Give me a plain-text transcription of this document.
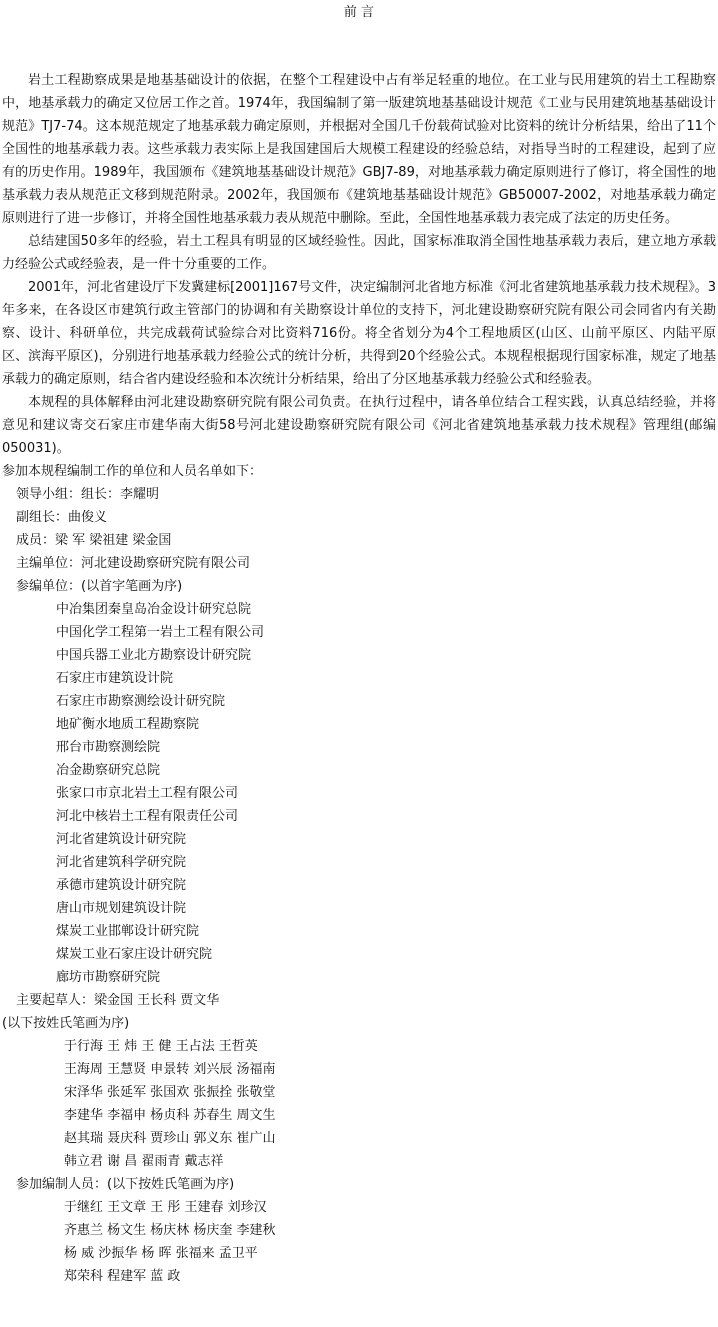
前 言

岩土工程勘察成果是地基基础设计的依据，在整个工程建设中占有举足轻重的地位。在工业与民用建筑的岩土工程勘察中，地基承载力的确定又位居工作之首。1974年，我国编制了第一版建筑地基基础设计规范《工业与民用建筑地基基础设计规范》TJ7-74。这本规范规定了地基承载力确定原则，并根据对全国几千份载荷试验对比资料的统计分析结果，给出了11个全国性的地基承载力表。这些承载力表实际上是我国建国后大规模工程建设的经验总结，对指导当时的工程建设，起到了应有的历史作用。1989年，我国颁布《建筑地基基础设计规范》GBJ7-89，对地基承载力确定原则进行了修订，将全国性的地基承载力表从规范正文移到规范附录。2002年，我国颁布《建筑地基基础设计规范》GB50007-2002，对地基承载力确定原则进行了进一步修订，并将全国性地基承载力表从规范中删除。至此，全国性地基承载力表完成了法定的历史任务。

总结建国50多年的经验，岩土工程具有明显的区域经验性。因此，国家标准取消全国性地基承载力表后，建立地方承载力经验公式或经验表，是一件十分重要的工作。

2001年，河北省建设厅下发冀建标[2001]167号文件，决定编制河北省地方标准《河北省建筑地基承载力技术规程》。3年多来，在各设区市建筑行政主管部门的协调和有关勘察设计单位的支持下，河北建设勘察研究院有限公司会同省内有关勘察、设计、科研单位，共完成载荷试验综合对比资料716份。将全省划分为4个工程地质区(山区、山前平原区、内陆平原区、滨海平原区)，分别进行地基承载力经验公式的统计分析，共得到20个经验公式。本规程根据现行国家标准，规定了地基承载力的确定原则，结合省内建设经验和本次统计分析结果，给出了分区地基承载力经验公式和经验表。

本规程的具体解释由河北建设勘察研究院有限公司负责。在执行过程中，请各单位结合工程实践，认真总结经验，并将意见和建议寄交石家庄市建华南大街58号河北建设勘察研究院有限公司《河北省建筑地基承载力技术规程》管理组(邮编050031)。

参加本规程编制工作的单位和人员名单如下：

领导小组：组长：李耀明

副组长：曲俊义

成员：梁 军 梁祖建 梁金国

主编单位：河北建设勘察研究院有限公司

参编单位：(以首字笔画为序)

中冶集团秦皇岛冶金设计研究总院

中国化学工程第一岩土工程有限公司

中国兵器工业北方勘察设计研究院

石家庄市建筑设计院

石家庄市勘察测绘设计研究院

地矿衡水地质工程勘察院

邢台市勘察测绘院

冶金勘察研究总院

张家口市京北岩土工程有限公司

河北中核岩土工程有限责任公司

河北省建筑设计研究院

河北省建筑科学研究院

承德市建筑设计研究院

唐山市规划建筑设计院

煤炭工业邯郸设计研究院

煤炭工业石家庄设计研究院

廊坊市勘察研究院

主要起草人：梁金国 王长科 贾文华

(以下按姓氏笔画为序)

于行海 王 炜 王 健 王占法 王哲英

王海周 王慧贤 申景转 刘兴辰 汤福南

宋泽华 张延军 张国欢 张振拴 张敬堂

李建华 李福申 杨贞科 苏春生 周文生

赵其瑞 聂庆科 贾珍山 郭义东 崔广山

韩立君 谢 昌 翟雨青 戴志祥

参加编制人员：(以下按姓氏笔画为序)

于继红 王文章 王 彤 王建春 刘珍汉

齐惠兰 杨文生 杨庆林 杨庆奎 李建秋

杨 威 沙振华 杨 晖 张福来 孟卫平

郑荣科 程建军 蓝 政
